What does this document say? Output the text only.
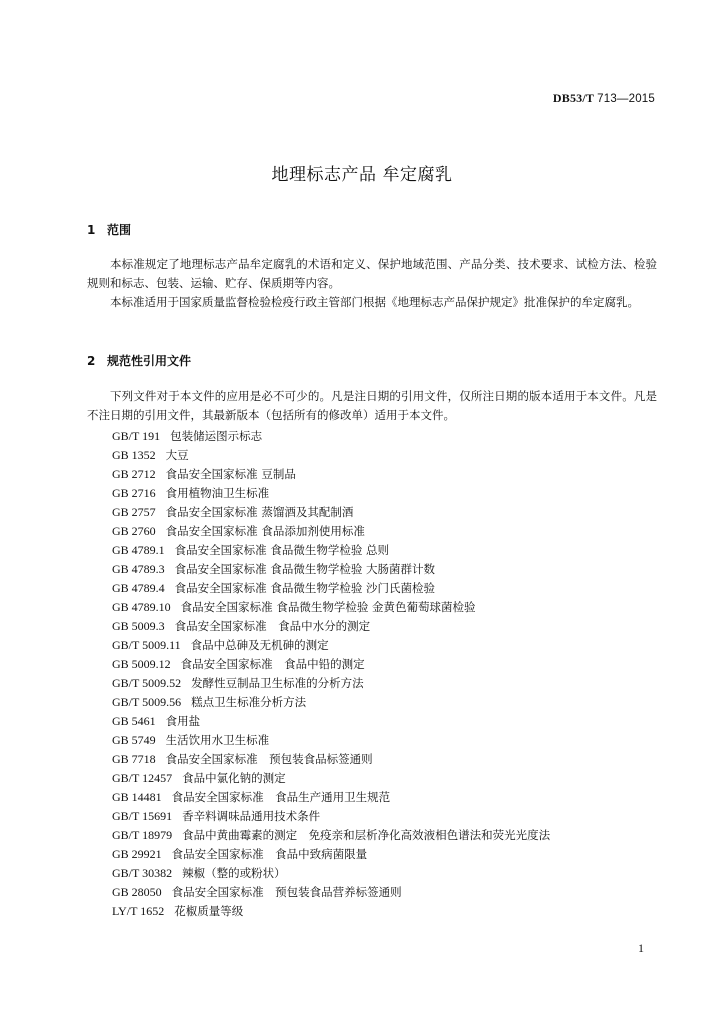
DB53/T 713—2015
地理标志产品 牟定腐乳
1 范围

本标准规定了地理标志产品牟定腐乳的术语和定义、保护地域范围、产品分类、技术要求、试检方法、检验规则和标志、包装、运输、贮存、保质期等内容。

本标准适用于国家质量监督检验检疫行政主管部门根据《地理标志产品保护规定》批准保护的牟定腐乳。

2 规范性引用文件

下列文件对于本文件的应用是必不可少的。凡是注日期的引用文件，仅所注日期的版本适用于本文件。凡是不注日期的引用文件，其最新版本（包括所有的修改单）适用于本文件。

GB/T 191 包装储运图示标志
GB 1352 大豆
GB 2712 食品安全国家标准 豆制品
GB 2716 食用植物油卫生标准
GB 2757 食品安全国家标准 蒸馏酒及其配制酒
GB 2760 食品安全国家标准 食品添加剂使用标准
GB 4789.1 食品安全国家标准 食品微生物学检验 总则
GB 4789.3 食品安全国家标准 食品微生物学检验 大肠菌群计数
GB 4789.4 食品安全国家标准 食品微生物学检验 沙门氏菌检验
GB 4789.10 食品安全国家标准 食品微生物学检验 金黄色葡萄球菌检验
GB 5009.3 食品安全国家标准　食品中水分的测定
GB/T 5009.11 食品中总砷及无机砷的测定
GB 5009.12 食品安全国家标准　食品中铅的测定
GB/T 5009.52 发酵性豆制品卫生标准的分析方法
GB/T 5009.56 糕点卫生标准分析方法
GB 5461 食用盐
GB 5749 生活饮用水卫生标准
GB 7718 食品安全国家标准　预包装食品标签通则
GB/T 12457 食品中氯化钠的测定
GB 14481 食品安全国家标准　食品生产通用卫生规范
GB/T 15691 香辛料调味品通用技术条件
GB/T 18979 食品中黄曲霉素的测定　免疫亲和层析净化高效液相色谱法和荧光光度法
GB 29921 食品安全国家标准　食品中致病菌限量
GB/T 30382 辣椒（整的或粉状）
GB 28050 食品安全国家标准　预包装食品营养标签通则
LY/T 1652 花椒质量等级
1
